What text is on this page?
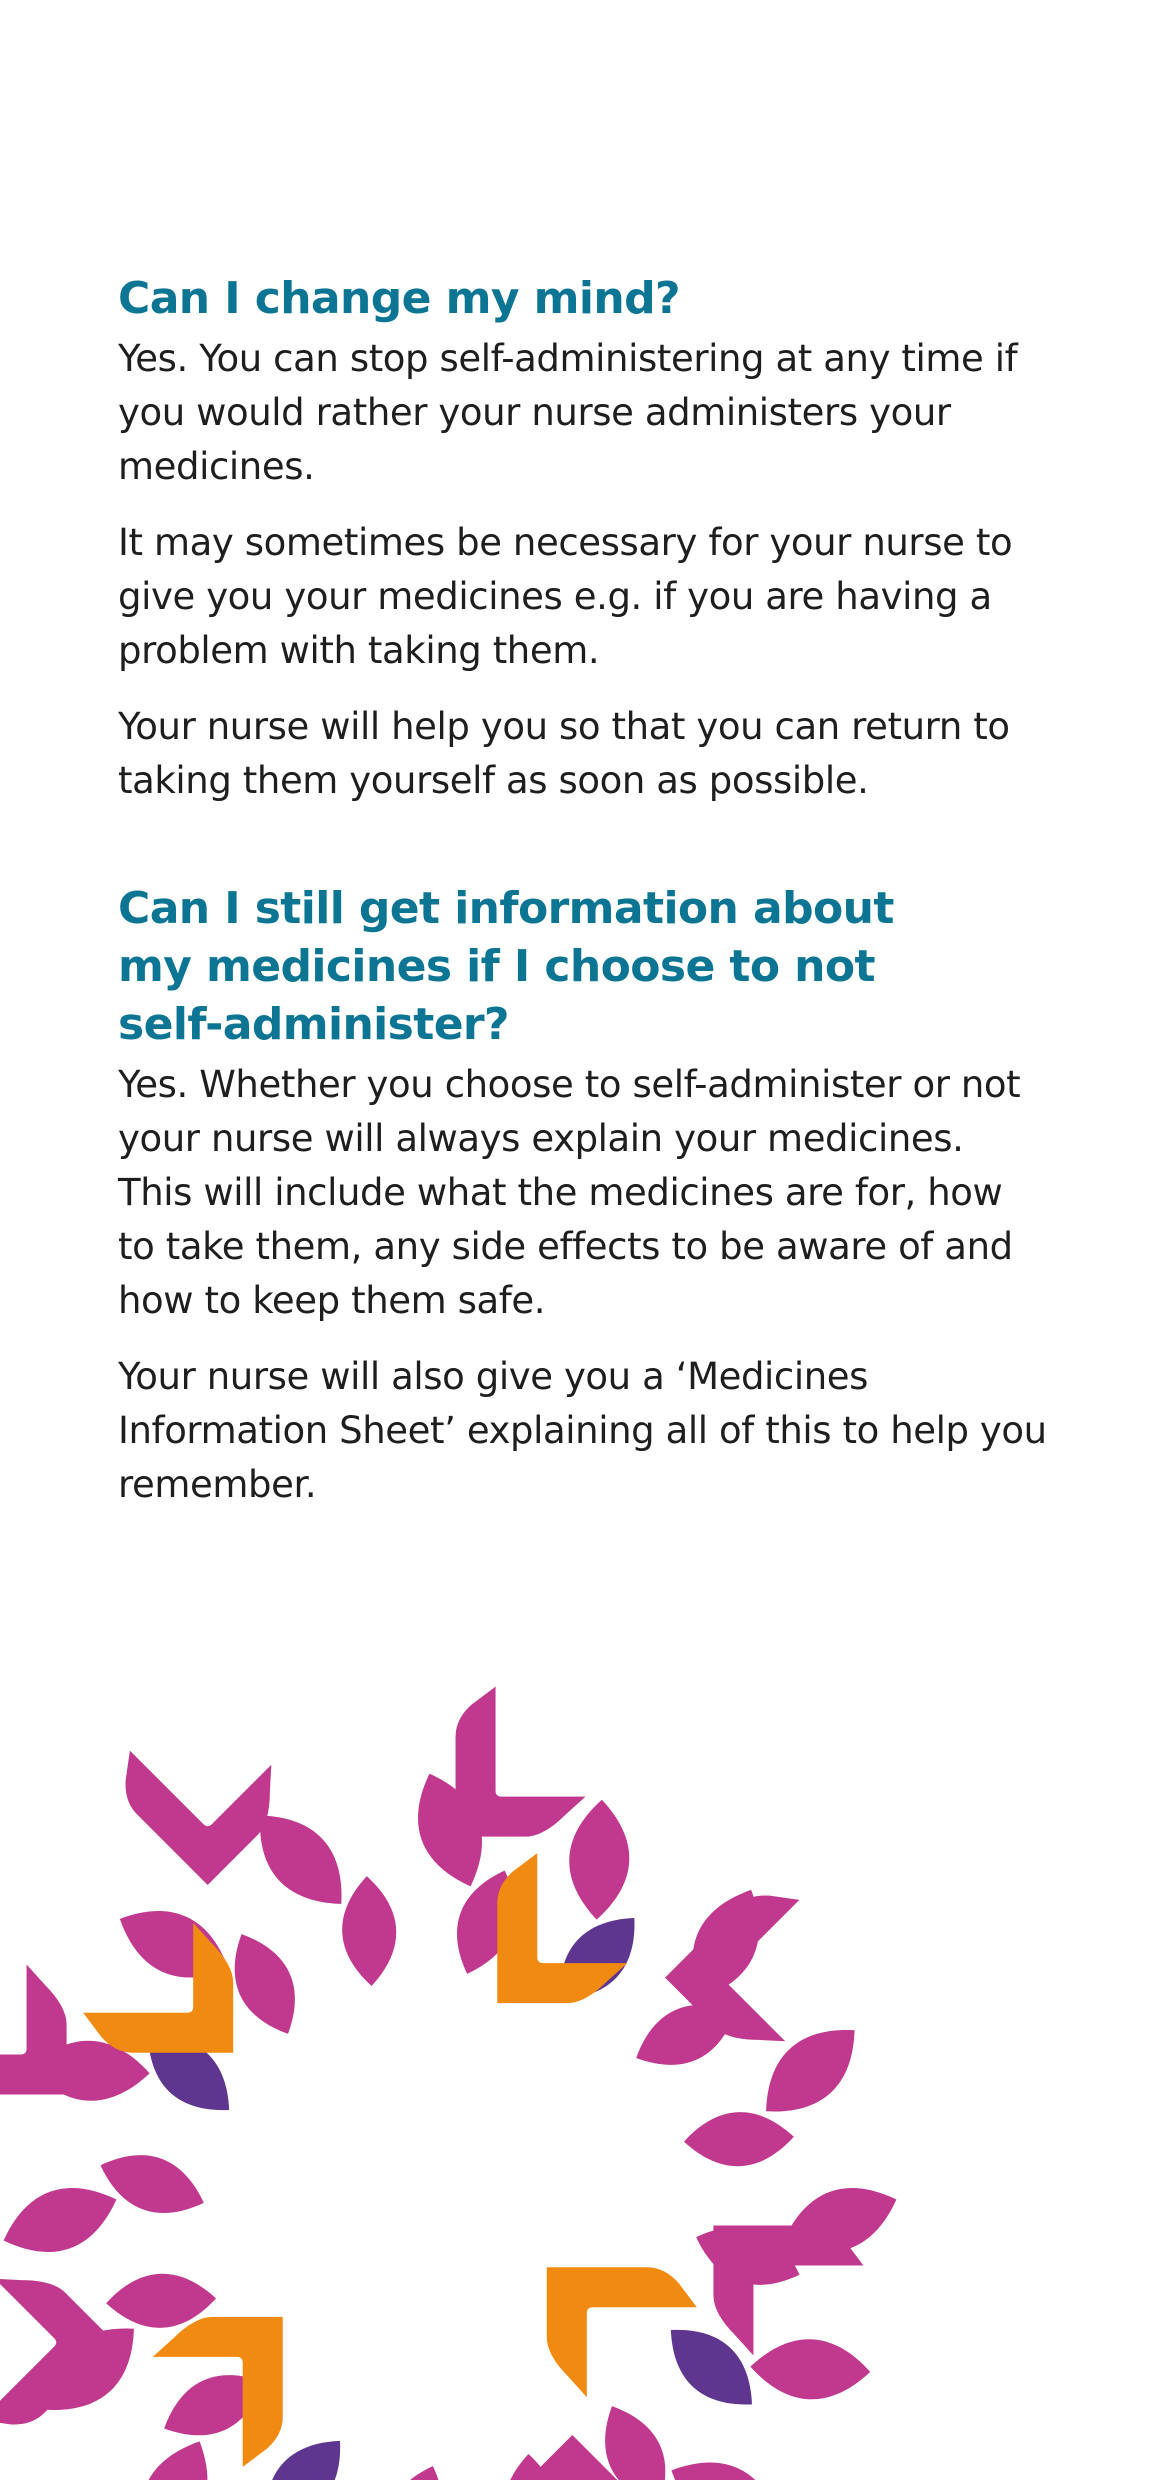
Can I change my mind?

Yes. You can stop self-administering at any time if you would rather your nurse administers your medicines.

It may sometimes be necessary for your nurse to give you your medicines e.g. if you are having a problem with taking them.

Your nurse will help you so that you can return to taking them yourself as soon as possible.

Can I still get information about my medicines if I choose to not self-administer?

Yes. Whether you choose to self-administer or not your nurse will always explain your medicines. This will include what the medicines are for, how to take them, any side effects to be aware of and how to keep them safe.

Your nurse will also give you a ‘Medicines Information Sheet’ explaining all of this to help you remember.
